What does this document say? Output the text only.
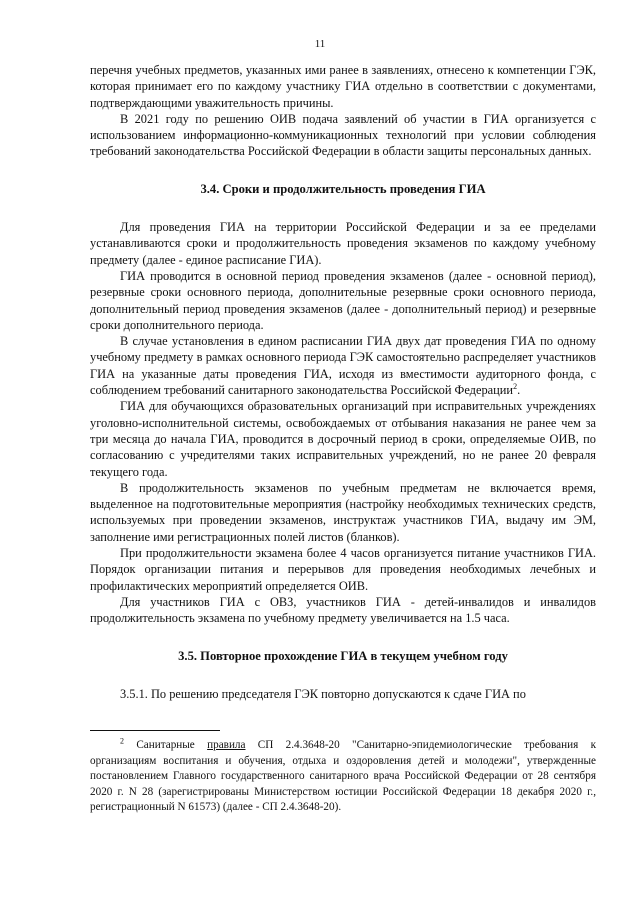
11

перечня учебных предметов, указанных ими ранее в заявлениях, отнесено к компетенции ГЭК, которая принимает его по каждому участнику ГИА отдельно в соответствии с документами, подтверждающими уважительность причины.

В 2021 году по решению ОИВ подача заявлений об участии в ГИА организуется с использованием информационно-коммуникационных технологий при условии соблюдения требований законодательства Российской Федерации в области защиты персональных данных.

3.4. Сроки и продолжительность проведения ГИА

Для проведения ГИА на территории Российской Федерации и за ее пределами устанавливаются сроки и продолжительность проведения экзаменов по каждому учебному предмету (далее - единое расписание ГИА).

ГИА проводится в основной период проведения экзаменов (далее - основной период), резервные сроки основного периода, дополнительные резервные сроки основного периода, дополнительный период проведения экзаменов (далее - дополнительный период) и резервные сроки дополнительного периода.

В случае установления в едином расписании ГИА двух дат проведения ГИА по одному учебному предмету в рамках основного периода ГЭК самостоятельно распределяет участников ГИА на указанные даты проведения ГИА, исходя из вместимости аудиторного фонда, с соблюдением требований санитарного законодательства Российской Федерации$^2$.

ГИА для обучающихся образовательных организаций при исправительных учреждениях уголовно-исполнительной системы, освобождаемых от отбывания наказания не ранее чем за три месяца до начала ГИА, проводится в досрочный период в сроки, определяемые ОИВ, по согласованию с учредителями таких исправительных учреждений, но не ранее 20 февраля текущего года.

В продолжительность экзаменов по учебным предметам не включается время, выделенное на подготовительные мероприятия (настройку необходимых технических средств, используемых при проведении экзаменов, инструктаж участников ГИА, выдачу им ЭМ, заполнение ими регистрационных полей листов (бланков).

При продолжительности экзамена более 4 часов организуется питание участников ГИА. Порядок организации питания и перерывов для проведения необходимых лечебных и профилактических мероприятий определяется ОИВ.

Для участников ГИА с ОВЗ, участников ГИА - детей-инвалидов и инвалидов продолжительность экзамена по учебному предмету увеличивается на 1.5 часа.

3.5. Повторное прохождение ГИА в текущем учебном году

3.5.1. По решению председателя ГЭК повторно допускаются к сдаче ГИА по

$^2$ Санитарные правила СП 2.4.3648-20 "Санитарно-эпидемиологические требования к организациям воспитания и обучения, отдыха и оздоровления детей и молодежи", утвержденные постановлением Главного государственного санитарного врача Российской Федерации от 28 сентября 2020 г. N 28 (зарегистрированы Министерством юстиции Российской Федерации 18 декабря 2020 г., регистрационный N 61573) (далее - СП 2.4.3648-20).
